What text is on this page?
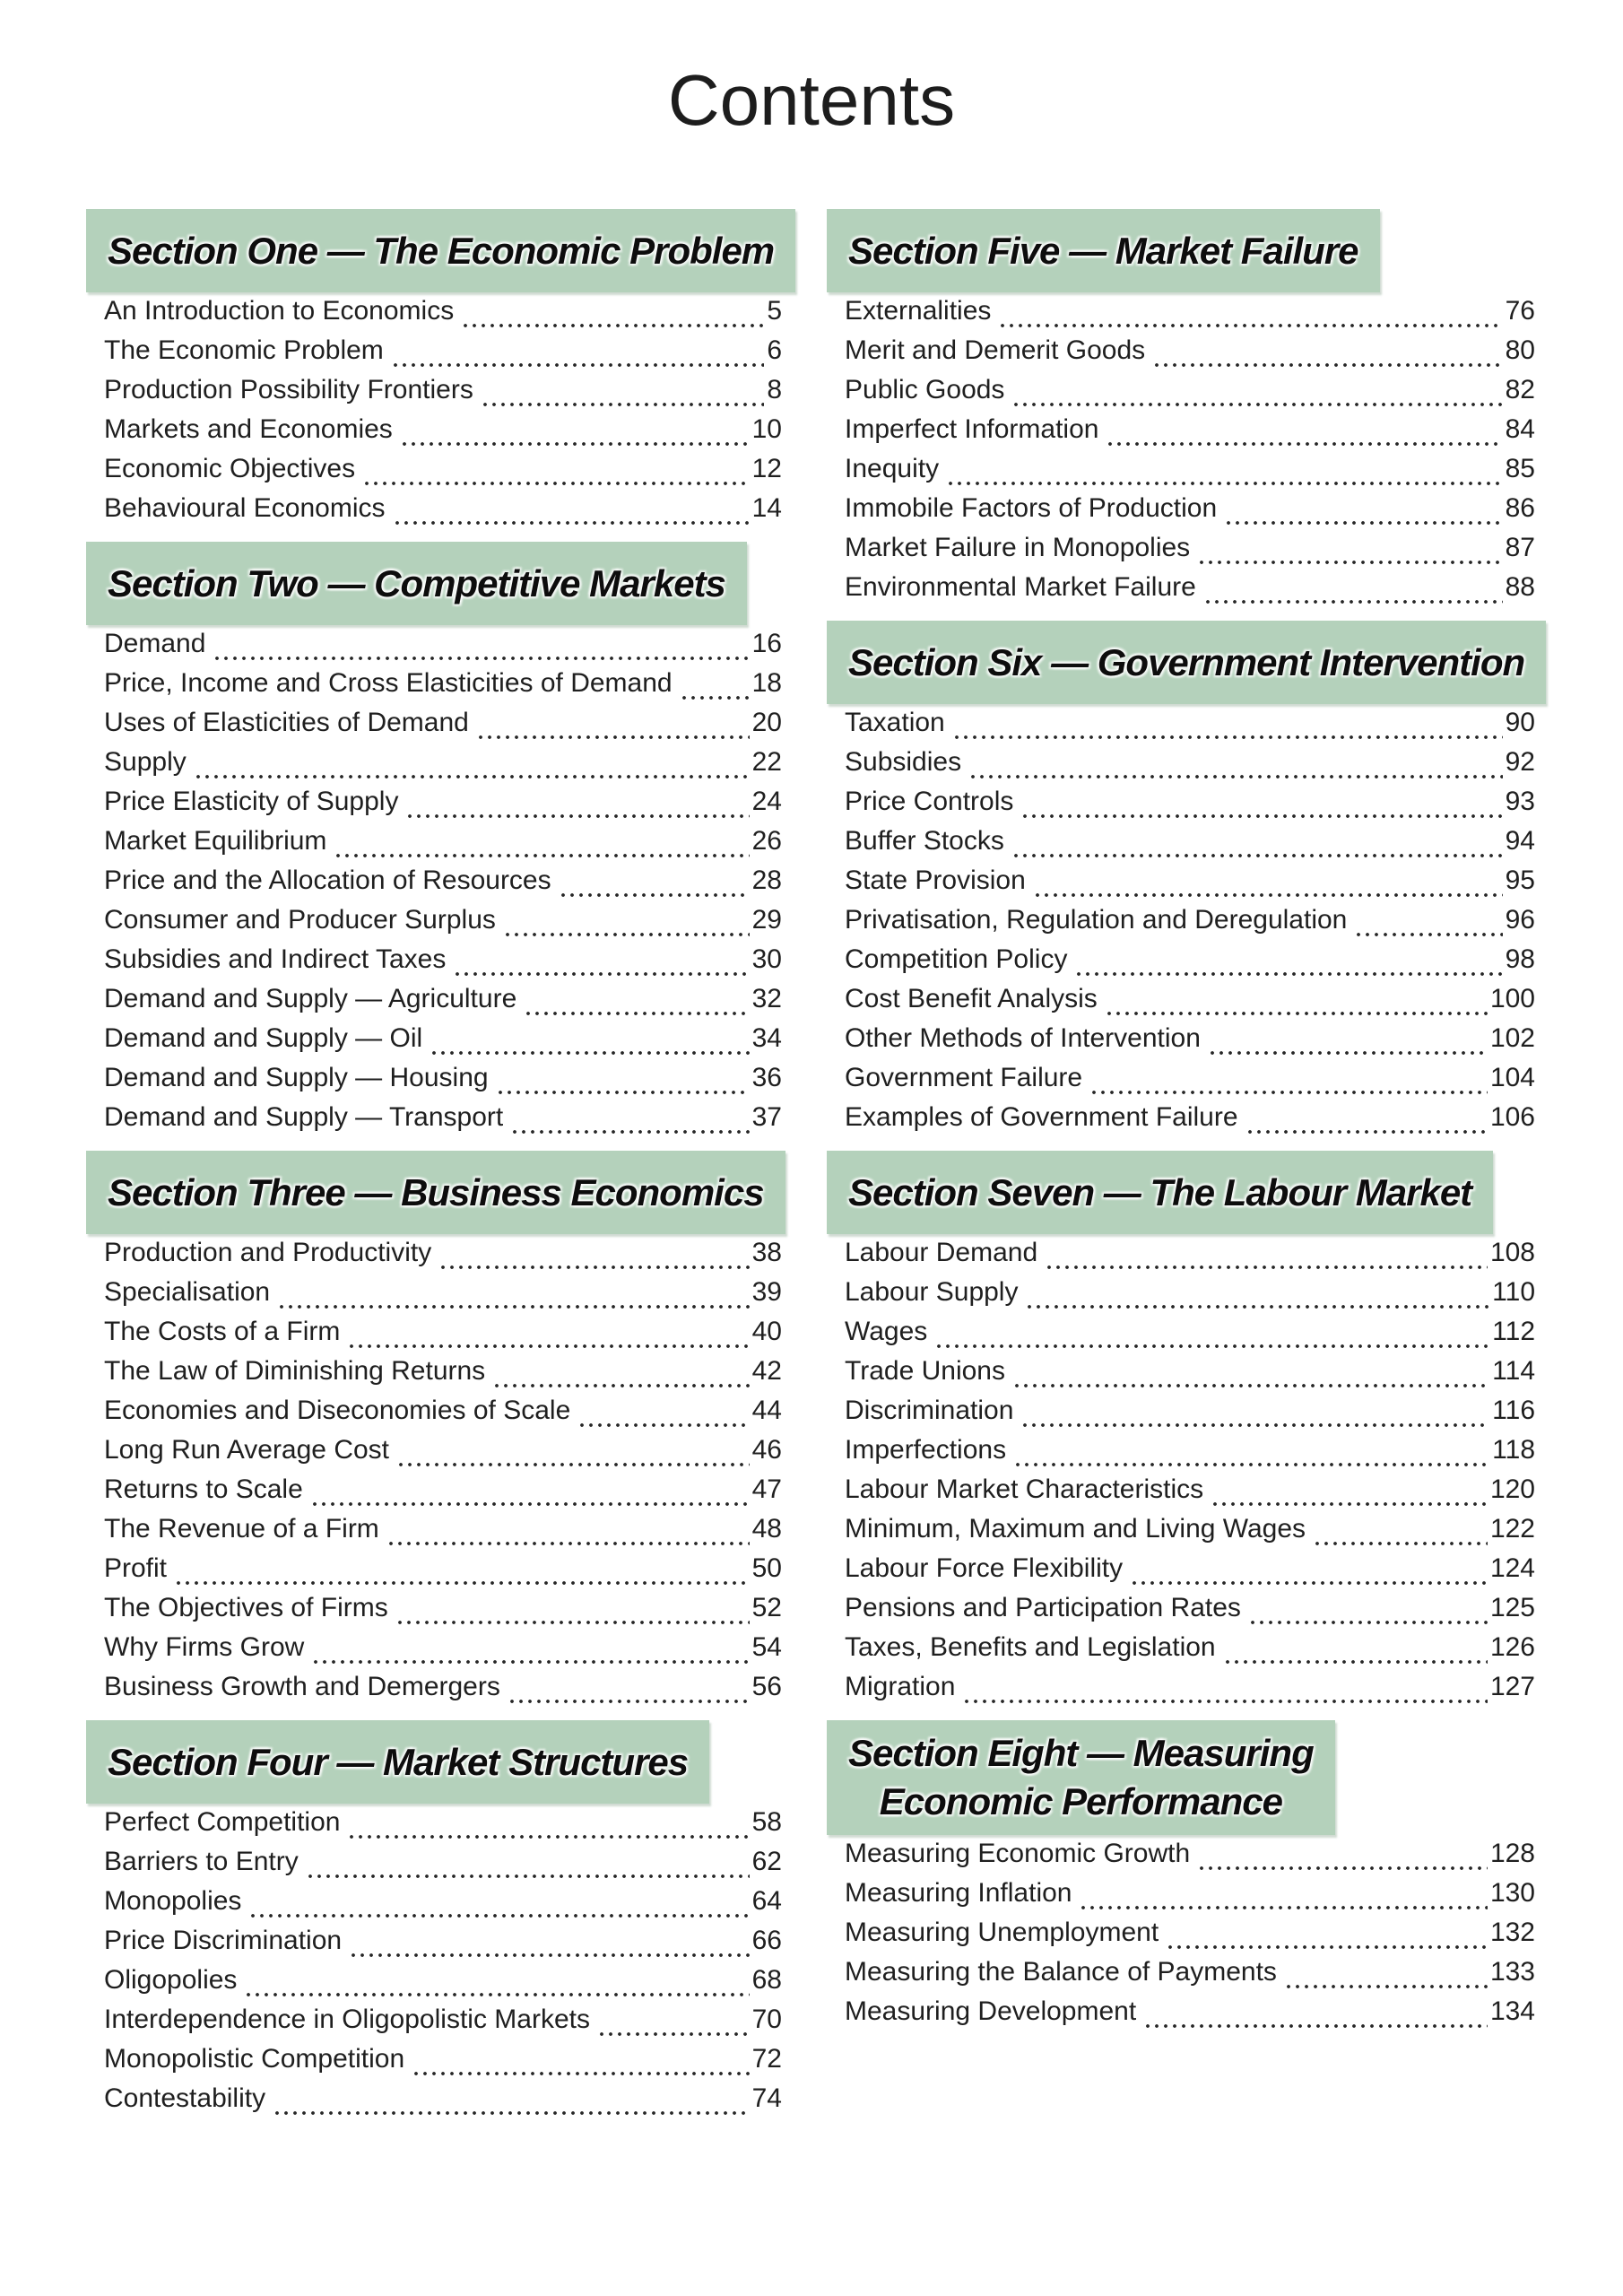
Contents
Section One — The Economic Problem
An Introduction to Economics	5
The Economic Problem	6
Production Possibility Frontiers	8
Markets and Economies	10
Economic Objectives	12
Behavioural Economics	14
Section Two — Competitive Markets
Demand	16
Price, Income and Cross Elasticities of Demand	18
Uses of Elasticities of Demand	20
Supply	22
Price Elasticity of Supply	24
Market Equilibrium	26
Price and the Allocation of Resources	28
Consumer and Producer Surplus	29
Subsidies and Indirect Taxes	30
Demand and Supply — Agriculture	32
Demand and Supply — Oil	34
Demand and Supply — Housing	36
Demand and Supply — Transport	37
Section Three — Business Economics
Production and Productivity	38
Specialisation	39
The Costs of a Firm	40
The Law of Diminishing Returns	42
Economies and Diseconomies of Scale	44
Long Run Average Cost	46
Returns to Scale	47
The Revenue of a Firm	48
Profit	50
The Objectives of Firms	52
Why Firms Grow	54
Business Growth and Demergers	56
Section Four — Market Structures
Perfect Competition	58
Barriers to Entry	62
Monopolies	64
Price Discrimination	66
Oligopolies	68
Interdependence in Oligopolistic Markets	70
Monopolistic Competition	72
Contestability	74
Section Five — Market Failure
Externalities	76
Merit and Demerit Goods	80
Public Goods	82
Imperfect Information	84
Inequity	85
Immobile Factors of Production	86
Market Failure in Monopolies	87
Environmental Market Failure	88
Section Six — Government Intervention
Taxation	90
Subsidies	92
Price Controls	93
Buffer Stocks	94
State Provision	95
Privatisation, Regulation and Deregulation	96
Competition Policy	98
Cost Benefit Analysis	100
Other Methods of Intervention	102
Government Failure	104
Examples of Government Failure	106
Section Seven — The Labour Market
Labour Demand	108
Labour Supply	110
Wages	112
Trade Unions	114
Discrimination	116
Imperfections	118
Labour Market Characteristics	120
Minimum, Maximum and Living Wages	122
Labour Force Flexibility	124
Pensions and Participation Rates	125
Taxes, Benefits and Legislation	126
Migration	127
Section Eight — Measuring
Economic Performance
Measuring Economic Growth	128
Measuring Inflation	130
Measuring Unemployment	132
Measuring the Balance of Payments	133
Measuring Development	134
